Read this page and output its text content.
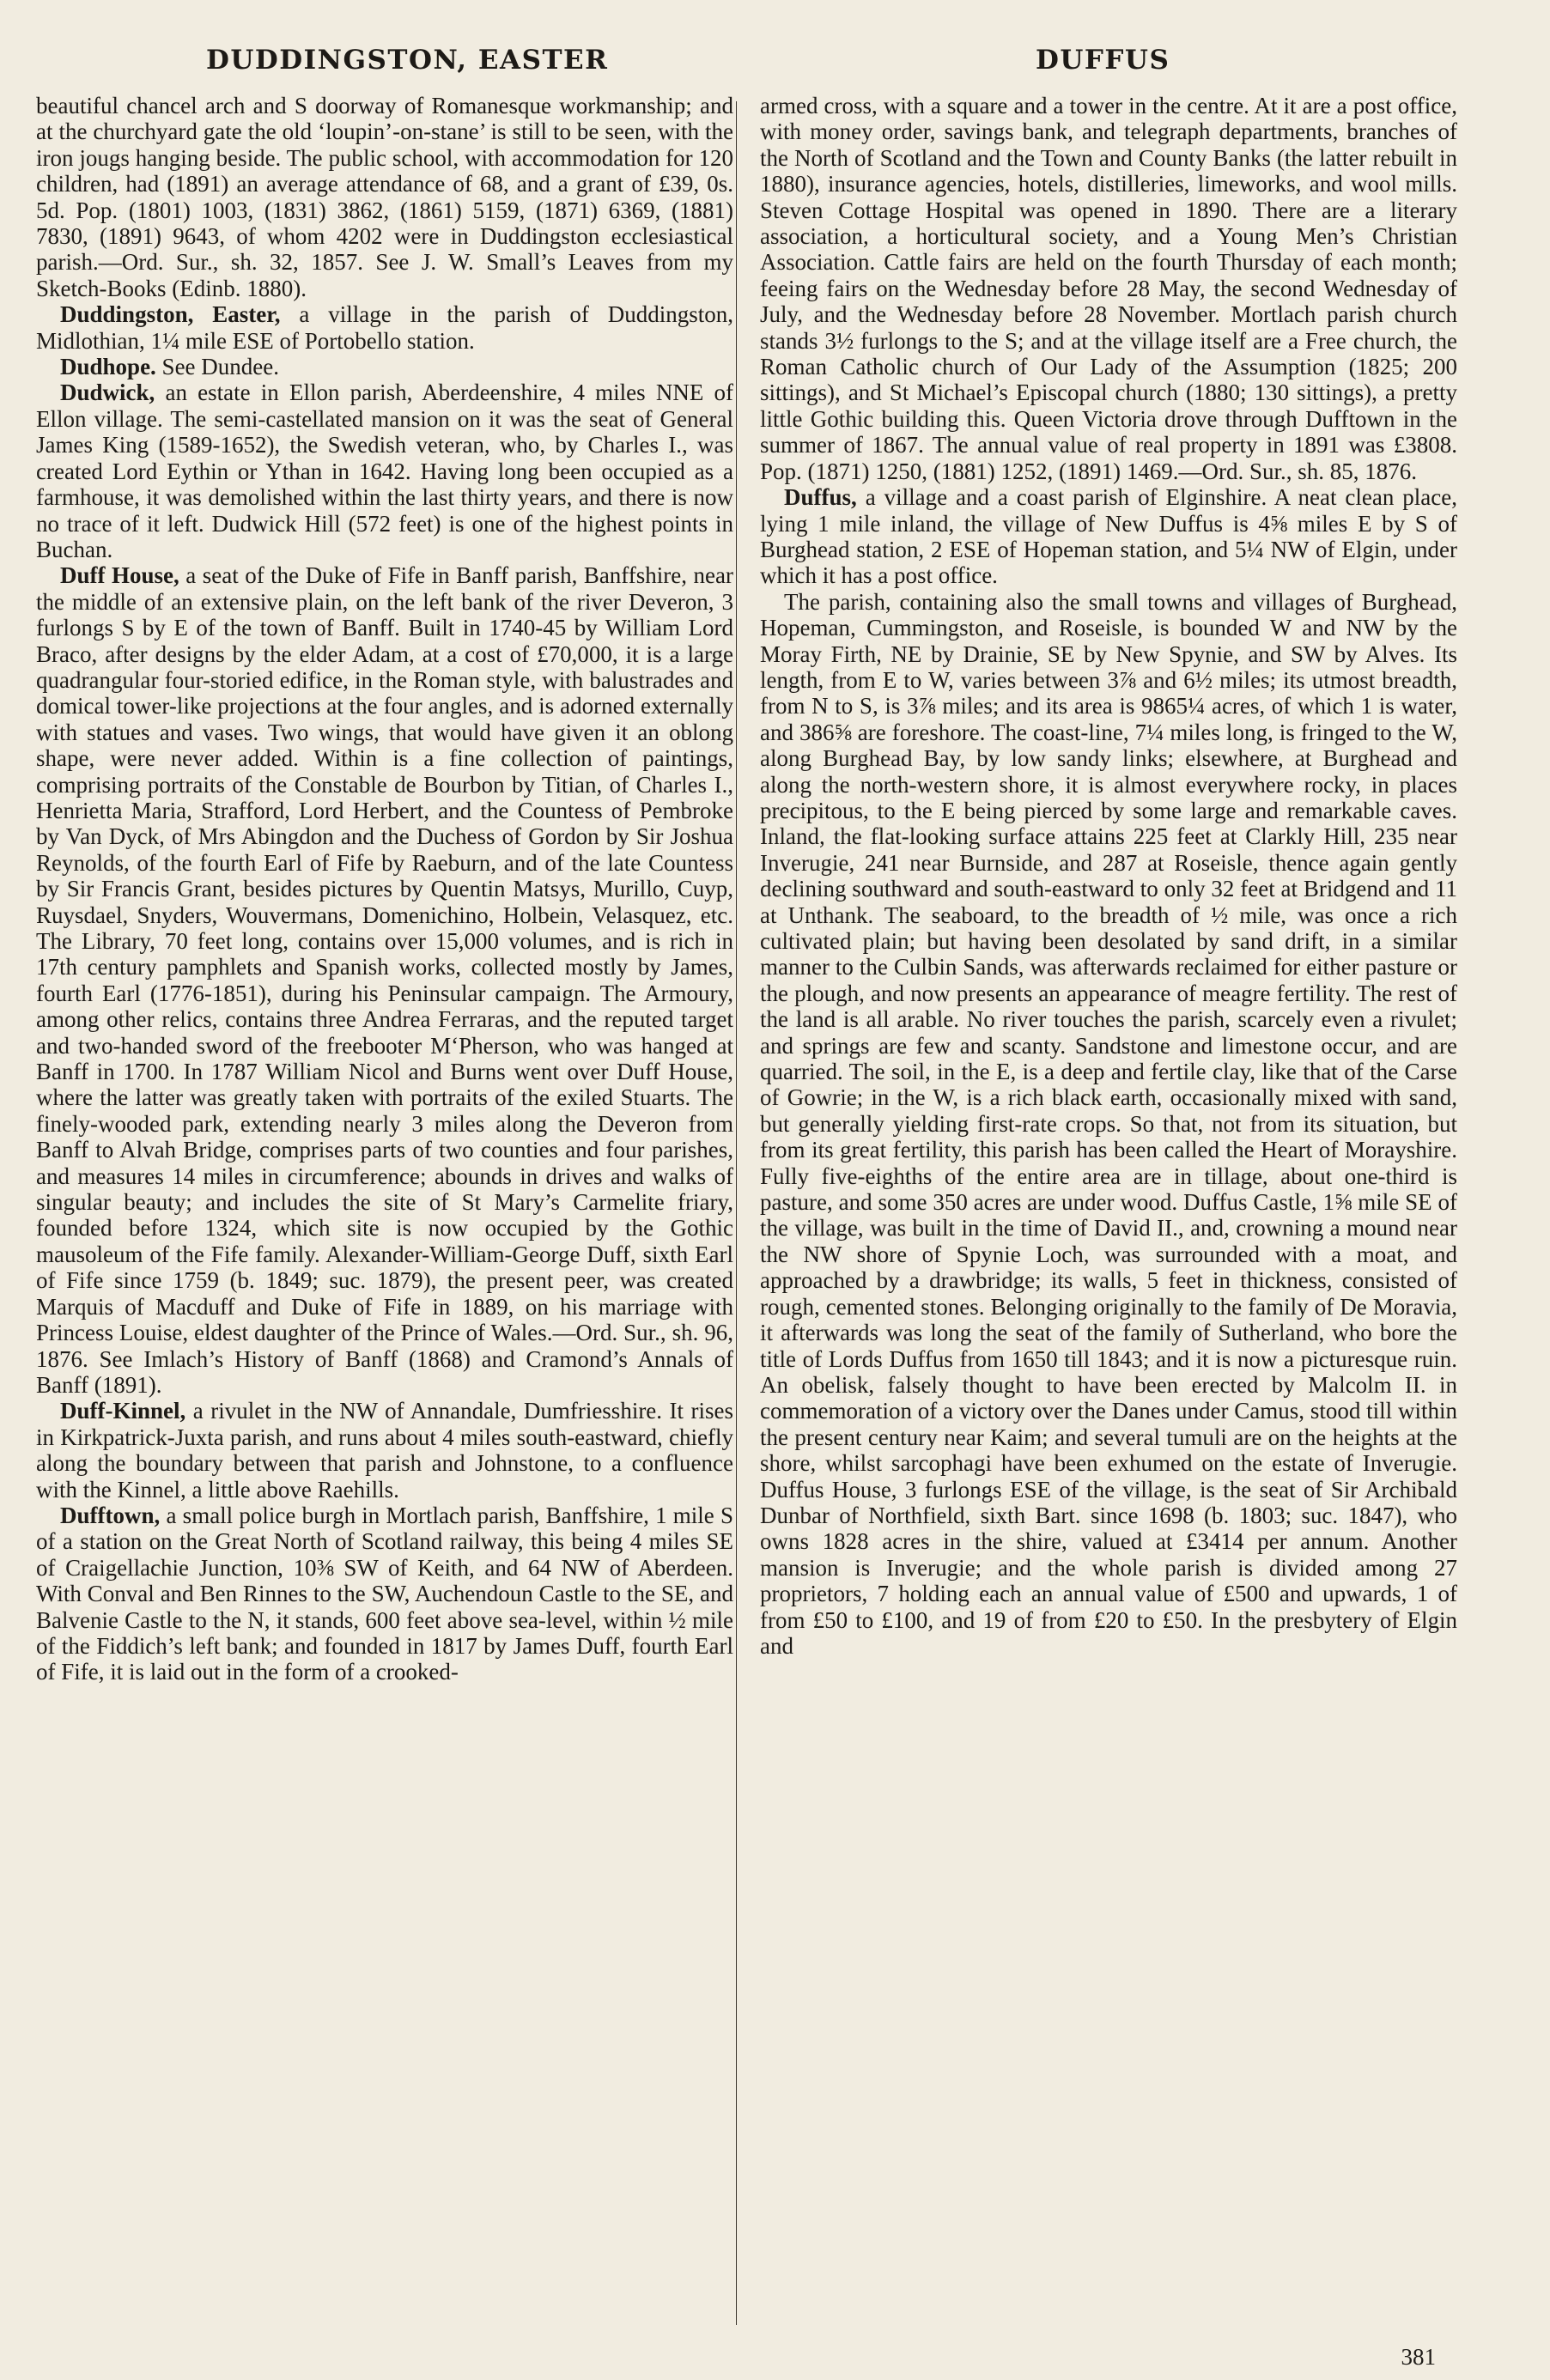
DUDDINGSTON, EASTER	DUFFUS

beautiful chancel arch and S doorway of Romanesque workmanship; and at the churchyard gate the old ‘loupin’-on-stane’ is still to be seen, with the iron jougs hanging beside. The public school, with accommodation for 120 children, had (1891) an average attendance of 68, and a grant of £39, 0s. 5d. Pop. (1801) 1003, (1831) 3862, (1861) 5159, (1871) 6369, (1881) 7830, (1891) 9643, of whom 4202 were in Duddingston ecclesiastical parish.—Ord. Sur., sh. 32, 1857. See J. W. Small’s Leaves from my Sketch-Books (Edinb. 1880).

Duddingston, Easter, a village in the parish of Duddingston, Midlothian, 1¼ mile ESE of Portobello station.

Dudhope. See Dundee.

Dudwick, an estate in Ellon parish, Aberdeenshire, 4 miles NNE of Ellon village. The semi-castellated mansion on it was the seat of General James King (1589-1652), the Swedish veteran, who, by Charles I., was created Lord Eythin or Ythan in 1642. Having long been occupied as a farmhouse, it was demolished within the last thirty years, and there is now no trace of it left. Dudwick Hill (572 feet) is one of the highest points in Buchan.

Duff House, a seat of the Duke of Fife in Banff parish, Banffshire, near the middle of an extensive plain, on the left bank of the river Deveron, 3 furlongs S by E of the town of Banff. Built in 1740-45 by William Lord Braco, after designs by the elder Adam, at a cost of £70,000, it is a large quadrangular four-storied edifice, in the Roman style, with balustrades and domical tower-like projections at the four angles, and is adorned externally with statues and vases. Two wings, that would have given it an oblong shape, were never added. Within is a fine collection of paintings, comprising portraits of the Constable de Bourbon by Titian, of Charles I., Henrietta Maria, Strafford, Lord Herbert, and the Countess of Pembroke by Van Dyck, of Mrs Abingdon and the Duchess of Gordon by Sir Joshua Reynolds, of the fourth Earl of Fife by Raeburn, and of the late Countess by Sir Francis Grant, besides pictures by Quentin Matsys, Murillo, Cuyp, Ruysdael, Snyders, Wouvermans, Domenichino, Holbein, Velasquez, etc. The Library, 70 feet long, contains over 15,000 volumes, and is rich in 17th century pamphlets and Spanish works, collected mostly by James, fourth Earl (1776-1851), during his Peninsular campaign. The Armoury, among other relics, contains three Andrea Ferraras, and the reputed target and two-handed sword of the freebooter M‘Pherson, who was hanged at Banff in 1700. In 1787 William Nicol and Burns went over Duff House, where the latter was greatly taken with portraits of the exiled Stuarts. The finely-wooded park, extending nearly 3 miles along the Deveron from Banff to Alvah Bridge, comprises parts of two counties and four parishes, and measures 14 miles in circumference; abounds in drives and walks of singular beauty; and includes the site of St Mary’s Carmelite friary, founded before 1324, which site is now occupied by the Gothic mausoleum of the Fife family. Alexander-William-George Duff, sixth Earl of Fife since 1759 (b. 1849; suc. 1879), the present peer, was created Marquis of Macduff and Duke of Fife in 1889, on his marriage with Princess Louise, eldest daughter of the Prince of Wales.—Ord. Sur., sh. 96, 1876. See Imlach’s History of Banff (1868) and Cramond’s Annals of Banff (1891).

Duff-Kinnel, a rivulet in the NW of Annandale, Dumfriesshire. It rises in Kirkpatrick-Juxta parish, and runs about 4 miles south-eastward, chiefly along the boundary between that parish and Johnstone, to a confluence with the Kinnel, a little above Raehills.

Dufftown, a small police burgh in Mortlach parish, Banffshire, 1 mile S of a station on the Great North of Scotland railway, this being 4 miles SE of Craigellachie Junction, 10⅜ SW of Keith, and 64 NW of Aberdeen. With Conval and Ben Rinnes to the SW, Auchendoun Castle to the SE, and Balvenie Castle to the N, it stands, 600 feet above sea-level, within ½ mile of the Fiddich’s left bank; and founded in 1817 by James Duff, fourth Earl of Fife, it is laid out in the form of a crooked-

armed cross, with a square and a tower in the centre. At it are a post office, with money order, savings bank, and telegraph departments, branches of the North of Scotland and the Town and County Banks (the latter rebuilt in 1880), insurance agencies, hotels, distilleries, limeworks, and wool mills. Steven Cottage Hospital was opened in 1890. There are a literary association, a horticultural society, and a Young Men’s Christian Association. Cattle fairs are held on the fourth Thursday of each month; feeing fairs on the Wednesday before 28 May, the second Wednesday of July, and the Wednesday before 28 November. Mortlach parish church stands 3½ furlongs to the S; and at the village itself are a Free church, the Roman Catholic church of Our Lady of the Assumption (1825; 200 sittings), and St Michael’s Episcopal church (1880; 130 sittings), a pretty little Gothic building this. Queen Victoria drove through Dufftown in the summer of 1867. The annual value of real property in 1891 was £3808. Pop. (1871) 1250, (1881) 1252, (1891) 1469.—Ord. Sur., sh. 85, 1876.

Duffus, a village and a coast parish of Elginshire. A neat clean place, lying 1 mile inland, the village of New Duffus is 4⅝ miles E by S of Burghead station, 2 ESE of Hopeman station, and 5¼ NW of Elgin, under which it has a post office.

The parish, containing also the small towns and villages of Burghead, Hopeman, Cummingston, and Roseisle, is bounded W and NW by the Moray Firth, NE by Drainie, SE by New Spynie, and SW by Alves. Its length, from E to W, varies between 3⅞ and 6½ miles; its utmost breadth, from N to S, is 3⅞ miles; and its area is 9865¼ acres, of which 1 is water, and 386⅝ are foreshore. The coast-line, 7¼ miles long, is fringed to the W, along Burghead Bay, by low sandy links; elsewhere, at Burghead and along the north-western shore, it is almost everywhere rocky, in places precipitous, to the E being pierced by some large and remarkable caves. Inland, the flat-looking surface attains 225 feet at Clarkly Hill, 235 near Inverugie, 241 near Burnside, and 287 at Roseisle, thence again gently declining southward and south-eastward to only 32 feet at Bridgend and 11 at Unthank. The seaboard, to the breadth of ½ mile, was once a rich cultivated plain; but having been desolated by sand drift, in a similar manner to the Culbin Sands, was afterwards reclaimed for either pasture or the plough, and now presents an appearance of meagre fertility. The rest of the land is all arable. No river touches the parish, scarcely even a rivulet; and springs are few and scanty. Sandstone and limestone occur, and are quarried. The soil, in the E, is a deep and fertile clay, like that of the Carse of Gowrie; in the W, is a rich black earth, occasionally mixed with sand, but generally yielding first-rate crops. So that, not from its situation, but from its great fertility, this parish has been called the Heart of Morayshire. Fully five-eighths of the entire area are in tillage, about one-third is pasture, and some 350 acres are under wood. Duffus Castle, 1⅝ mile SE of the village, was built in the time of David II., and, crowning a mound near the NW shore of Spynie Loch, was surrounded with a moat, and approached by a drawbridge; its walls, 5 feet in thickness, consisted of rough, cemented stones. Belonging originally to the family of De Moravia, it afterwards was long the seat of the family of Sutherland, who bore the title of Lords Duffus from 1650 till 1843; and it is now a picturesque ruin. An obelisk, falsely thought to have been erected by Malcolm II. in commemoration of a victory over the Danes under Camus, stood till within the present century near Kaim; and several tumuli are on the heights at the shore, whilst sarcophagi have been exhumed on the estate of Inverugie. Duffus House, 3 furlongs ESE of the village, is the seat of Sir Archibald Dunbar of Northfield, sixth Bart. since 1698 (b. 1803; suc. 1847), who owns 1828 acres in the shire, valued at £3414 per annum. Another mansion is Inverugie; and the whole parish is divided among 27 proprietors, 7 holding each an annual value of £500 and upwards, 1 of from £50 to £100, and 19 of from £20 to £50. In the presbytery of Elgin and

381
